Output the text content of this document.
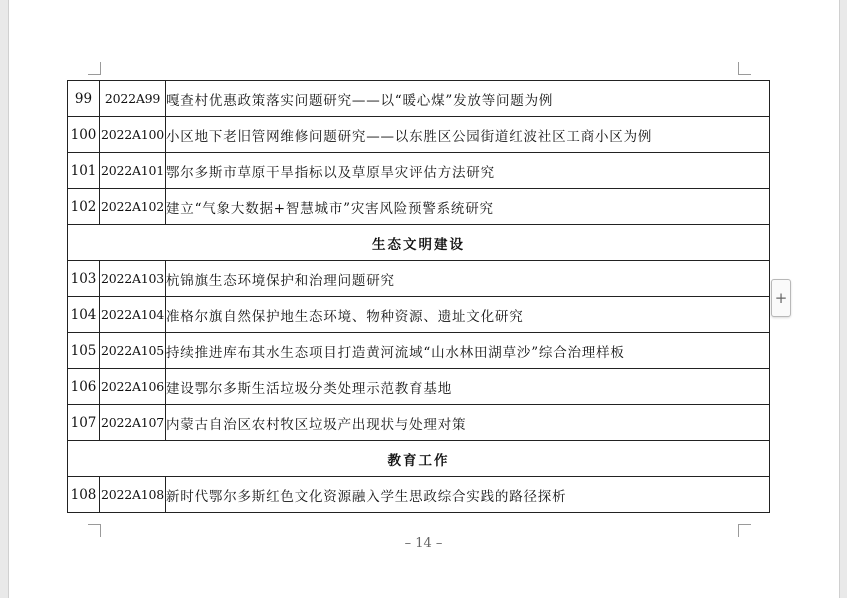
99	2022A99	嘎查村优惠政策落实问题研究——以“暖心煤”发放等问题为例
100	2022A100	小区地下老旧管网维修问题研究——以东胜区公园街道红波社区工商小区为例
101	2022A101	鄂尔多斯市草原干旱指标以及草原旱灾评估方法研究
102	2022A102	建立“气象大数据+智慧城市”灾害风险预警系统研究
生态文明建设		
103	2022A103	杭锦旗生态环境保护和治理问题研究
104	2022A104	准格尔旗自然保护地生态环境、物种资源、遗址文化研究
105	2022A105	持续推进库布其水生态项目打造黄河流域“山水林田湖草沙”综合治理样板
106	2022A106	建设鄂尔多斯生活垃圾分类处理示范教育基地
107	2022A107	内蒙古自治区农村牧区垃圾产出现状与处理对策
教育工作		
108	2022A108	新时代鄂尔多斯红色文化资源融入学生思政综合实践的路径探析
– 14 –
+
